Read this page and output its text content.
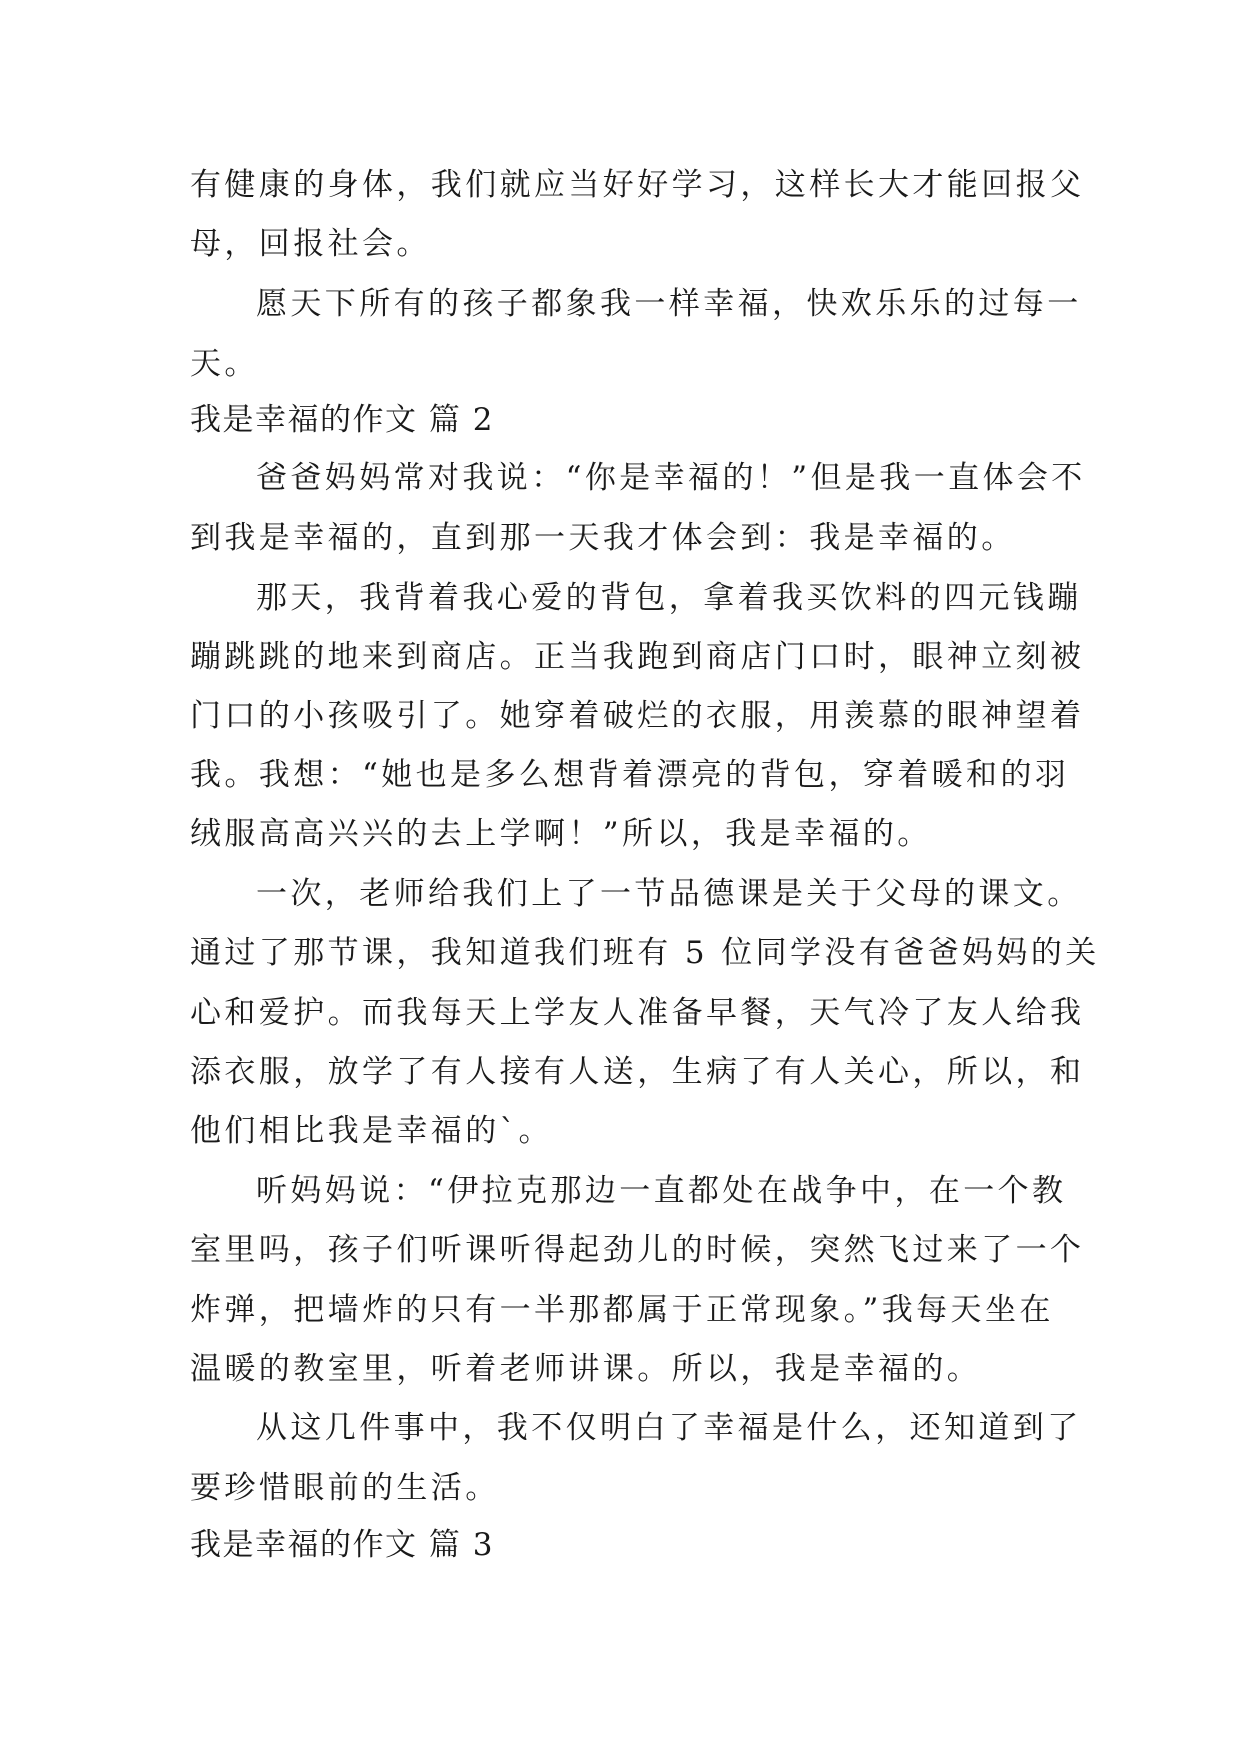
有健康的身体，我们就应当好好学习，这样长大才能回报父
母，回报社会。
愿天下所有的孩子都象我一样幸福，快欢乐乐的过每一
天。
我是幸福的作文 篇 2
爸爸妈妈常对我说：“你是幸福的！”但是我一直体会不
到我是幸福的，直到那一天我才体会到：我是幸福的。
那天，我背着我心爱的背包，拿着我买饮料的四元钱蹦
蹦跳跳的地来到商店。正当我跑到商店门口时，眼神立刻被
门口的小孩吸引了。她穿着破烂的衣服，用羡慕的眼神望着
我。我想：“她也是多么想背着漂亮的背包，穿着暖和的羽
绒服高高兴兴的去上学啊！”所以，我是幸福的。
一次，老师给我们上了一节品德课是关于父母的课文。
通过了那节课，我知道我们班有 5 位同学没有爸爸妈妈的关
心和爱护。而我每天上学友人准备早餐，天气冷了友人给我
添衣服，放学了有人接有人送，生病了有人关心，所以，和
他们相比我是幸福的`。
听妈妈说：“伊拉克那边一直都处在战争中，在一个教
室里吗，孩子们听课听得起劲儿的时候，突然飞过来了一个
炸弹，把墙炸的只有一半那都属于正常现象。”我每天坐在
温暖的教室里，听着老师讲课。所以，我是幸福的。
从这几件事中，我不仅明白了幸福是什么，还知道到了
要珍惜眼前的生活。
我是幸福的作文 篇 3
